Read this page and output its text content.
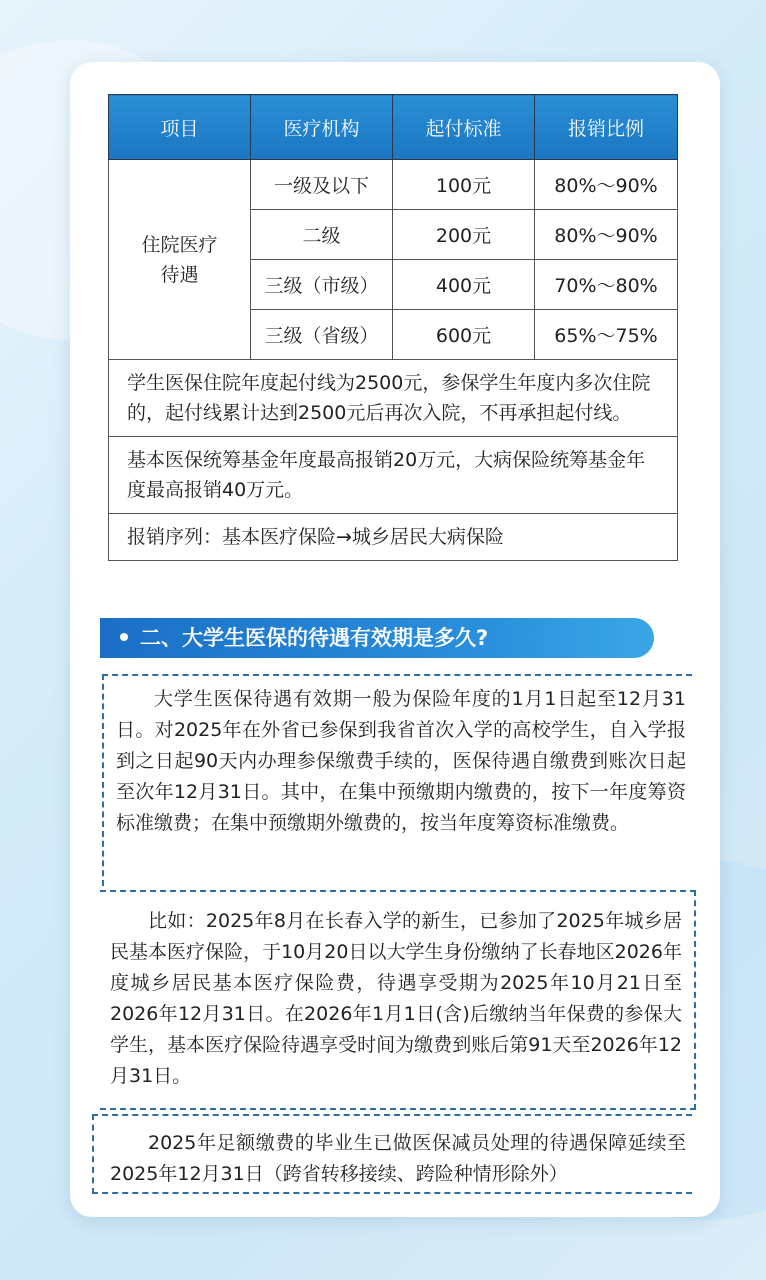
项目	医疗机构	起付标准	报销比例

住院医疗
待遇	一级及以下	100元	80%～90%
	二级	200元	80%～90%
	三级（市级）	400元	70%～80%
	三级（省级）	600元	65%～75%
学生医保住院年度起付线为2500元，参保学生年度内多次住院的，起付线累计达到2500元后再次入院，不再承担起付线。			
基本医保统筹基金年度最高报销20万元，大病保险统筹基金年度最高报销40万元。			
报销序列：基本医疗保险→城乡居民大病保险			
二、大学生医保的待遇有效期是多久?
大学生医保待遇有效期一般为保险年度的1月1日起至12月31日。对2025年在外省已参保到我省首次入学的高校学生，自入学报到之日起90天内办理参保缴费手续的，医保待遇自缴费到账次日起至次年12月31日。其中，在集中预缴期内缴费的，按下一年度筹资标准缴费；在集中预缴期外缴费的，按当年度筹资标准缴费。
比如：2025年8月在长春入学的新生，已参加了2025年城乡居民基本医疗保险，于10月20日以大学生身份缴纳了长春地区2026年度城乡居民基本医疗保险费，待遇享受期为2025年10月21日至2026年12月31日。在2026年1月1日(含)后缴纳当年保费的参保大学生，基本医疗保险待遇享受时间为缴费到账后第91天至2026年12月31日。
2025年足额缴费的毕业生已做医保减员处理的待遇保障延续至2025年12月31日（跨省转移接续、跨险种情形除外）
